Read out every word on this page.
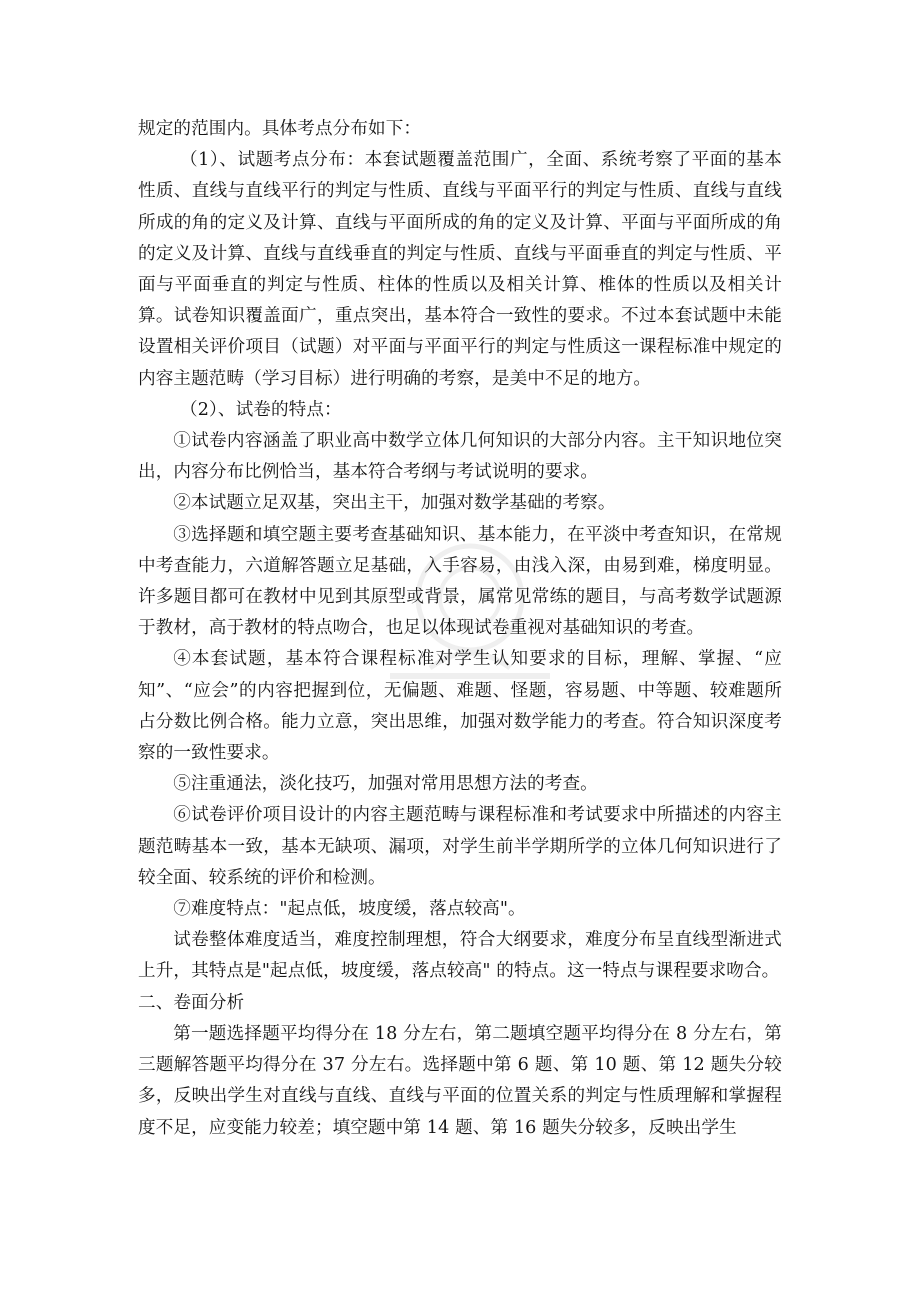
规定的范围内。具体考点分布如下：

（1）、试题考点分布：本套试题覆盖范围广，全面、系统考察了平面的基本性质、直线与直线平行的判定与性质、直线与平面平行的判定与性质、直线与直线所成的角的定义及计算、直线与平面所成的角的定义及计算、平面与平面所成的角的定义及计算、直线与直线垂直的判定与性质、直线与平面垂直的判定与性质、平面与平面垂直的判定与性质、柱体的性质以及相关计算、椎体的性质以及相关计算。试卷知识覆盖面广，重点突出，基本符合一致性的要求。不过本套试题中未能设置相关评价项目（试题）对平面与平面平行的判定与性质这一课程标准中规定的内容主题范畴（学习目标）进行明确的考察，是美中不足的地方。

（2）、试卷的特点：

①试卷内容涵盖了职业高中数学立体几何知识的大部分内容。主干知识地位突出，内容分布比例恰当，基本符合考纲与考试说明的要求。

②本试题立足双基，突出主干，加强对数学基础的考察。

③选择题和填空题主要考查基础知识、基本能力，在平淡中考查知识，在常规中考查能力，六道解答题立足基础，入手容易，由浅入深，由易到难，梯度明显。许多题目都可在教材中见到其原型或背景，属常见常练的题目，与高考数学试题源于教材，高于教材的特点吻合，也足以体现试卷重视对基础知识的考查。

④本套试题，基本符合课程标准对学生认知要求的目标，理解、掌握、“应知”、“应会”的内容把握到位，无偏题、难题、怪题，容易题、中等题、较难题所占分数比例合格。能力立意，突出思维，加强对数学能力的考查。符合知识深度考察的一致性要求。

⑤注重通法，淡化技巧，加强对常用思想方法的考查。

⑥试卷评价项目设计的内容主题范畴与课程标准和考试要求中所描述的内容主题范畴基本一致，基本无缺项、漏项，对学生前半学期所学的立体几何知识进行了较全面、较系统的评价和检测。

⑦难度特点："起点低，坡度缓，落点较高"。

试卷整体难度适当，难度控制理想，符合大纲要求，难度分布呈直线型渐进式上升，其特点是"起点低，坡度缓，落点较高" 的特点。这一特点与课程要求吻合。

二、卷面分析

第一题选择题平均得分在 18 分左右，第二题填空题平均得分在 8 分左右，第三题解答题平均得分在 37 分左右。选择题中第 6 题、第 10 题、第 12 题失分较多，反映出学生对直线与直线、直线与平面的位置关系的判定与性质理解和掌握程度不足，应变能力较差；填空题中第 14 题、第 16 题失分较多，反映出学生
